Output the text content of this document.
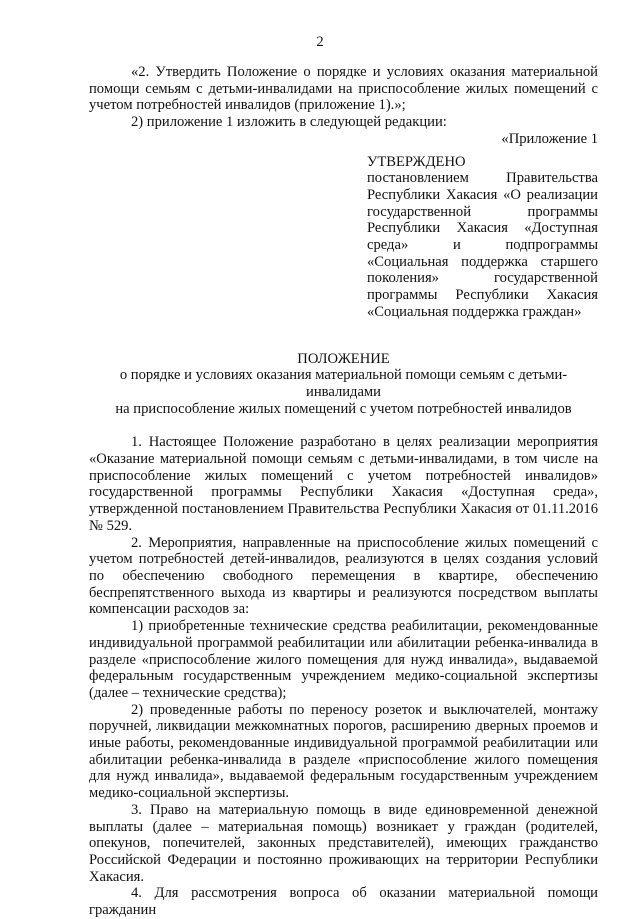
2

«2. Утвердить Положение о порядке и условиях оказания материальной помощи семьям с детьми-инвалидами на приспособление жилых помещений с учетом потребностей инвалидов (приложение 1).»;

2) приложение 1 изложить в следующей редакции:

«Приложение 1

УТВЕРЖДЕНО

постановлением Правительства Республики Хакасия «О реализации государственной программы Республики Хакасия «Доступная среда» и подпрограммы «Социальная поддержка старшего поколения» государственной программы Республики Хакасия «Социальная поддержка граждан»

ПОЛОЖЕНИЕ

о порядке и условиях оказания материальной помощи семьям с детьми-инвалидами

на приспособление жилых помещений с учетом потребностей инвалидов

1. Настоящее Положение разработано в целях реализации мероприятия «Оказание материальной помощи семьям с детьми-инвалидами, в том числе на приспособление жилых помещений с учетом потребностей инвалидов» государственной программы Республики Хакасия «Доступная среда», утвержденной постановлением Правительства Республики Хакасия от 01.11.2016 № 529.

2. Мероприятия, направленные на приспособление жилых помещений с учетом потребностей детей-инвалидов, реализуются в целях создания условий по обеспечению свободного перемещения в квартире, обеспечению беспрепятственного выхода из квартиры и реализуются посредством выплаты компенсации расходов за:

1) приобретенные технические средства реабилитации, рекомендованные индивидуальной программой реабилитации или абилитации ребенка-инвалида в разделе «приспособление жилого помещения для нужд инвалида», выдаваемой федеральным государственным учреждением медико-социальной экспертизы (далее – технические средства);

2) проведенные работы по переносу розеток и выключателей, монтажу поручней, ликвидации межкомнатных порогов, расширению дверных проемов и иные работы, рекомендованные индивидуальной программой реабилитации или абилитации ребенка-инвалида в разделе «приспособление жилого помещения для нужд инвалида», выдаваемой федеральным государственным учреждением медико-социальной экспертизы.

3. Право на материальную помощь в виде единовременной денежной выплаты (далее – материальная помощь) возникает у граждан (родителей, опекунов, попечителей, законных представителей), имеющих гражданство Российской Федерации и постоянно проживающих на территории Республики Хакасия.

4. Для рассмотрения вопроса об оказании материальной помощи гражданин
